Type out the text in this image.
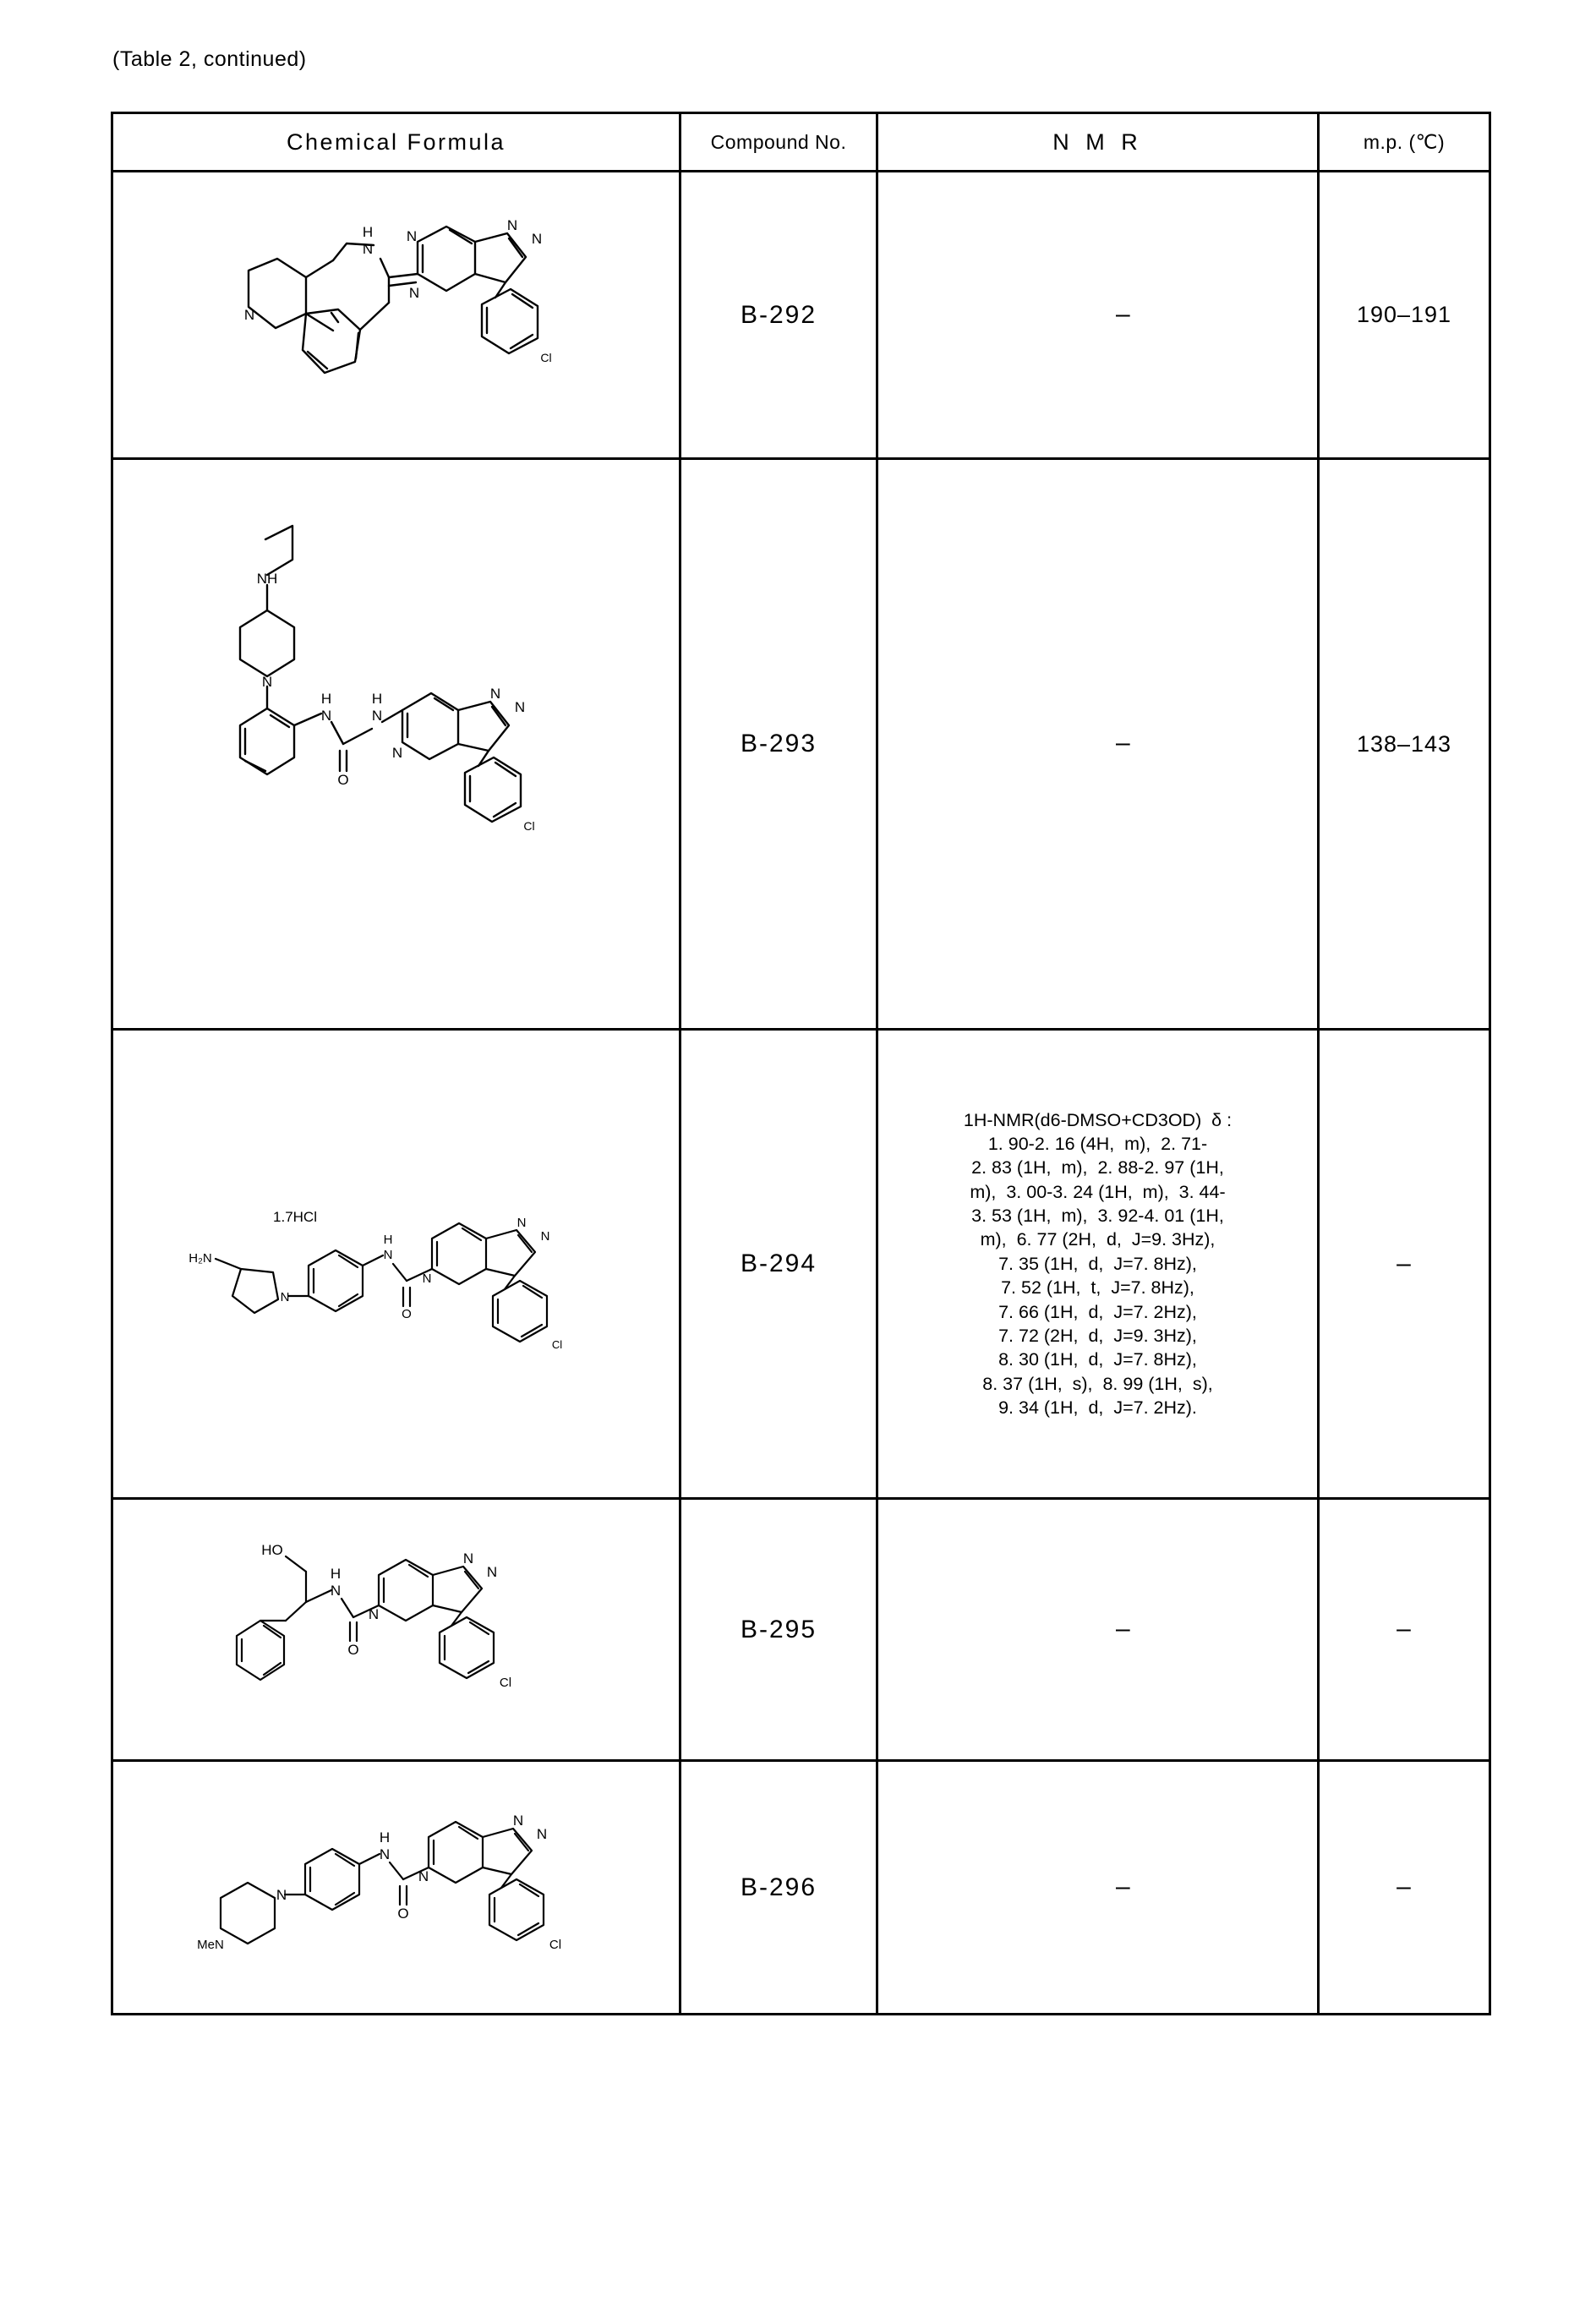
(Table 2, continued)
Chemical Formula	Compound No.	N M R	m.p. (℃)

H
N
N
N
N
N
N
Cl
	B-292	–	190–191

NH
N
H
N
H
N
O
N
N
N
Cl
	B-293	–	138–143

H₂N
N
H
N
O
N
N
N
Cl
1.7HCl
	B-294	1H-NMR(d6-DMSO+CD3OD)  δ :
1. 90-2. 16 (4H,  m),  2. 71-
2. 83 (1H,  m),  2. 88-2. 97 (1H,
m),  3. 00-3. 24 (1H,  m),  3. 44-
3. 53 (1H,  m),  3. 92-4. 01 (1H,
m),  6. 77 (2H,  d,  J=9. 3Hz),
7. 35 (1H,  d,  J=7. 8Hz),
7. 52 (1H,  t,  J=7. 8Hz),
7. 66 (1H,  d,  J=7. 2Hz),
7. 72 (2H,  d,  J=9. 3Hz),
8. 30 (1H,  d,  J=7. 8Hz),
8. 37 (1H,  s),  8. 99 (1H,  s),
9. 34 (1H,  d,  J=7. 2Hz).	–

HO
H
N
O
N
N
N
Cl
	B-295	–	–

MeN
N
H
N
O
N
N
N
Cl
	B-296	–	–
